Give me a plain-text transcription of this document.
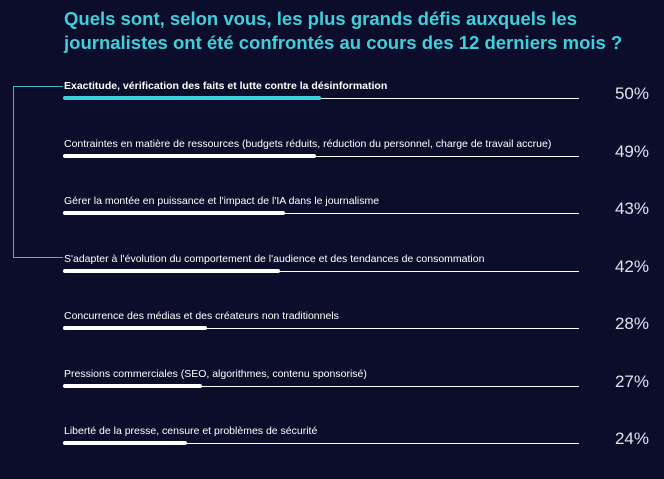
Quels sont, selon vous, les plus grands défis auxquels les journalistes ont été confrontés au cours des 12 derniers mois ?
Exactitude, vérification des faits et lutte contre la désinformation	50%
Contraintes en matière de ressources (budgets réduits, réduction du personnel, charge de travail accrue)	49%
Gérer la montée en puissance et l'impact de l'IA dans le journalisme	43%
S'adapter à l'évolution du comportement de l'audience et des tendances de consommation	42%
Concurrence des médias et des créateurs non traditionnels	28%
Pressions commerciales (SEO, algorithmes, contenu sponsorisé)	27%
Liberté de la presse, censure et problèmes de sécurité	24%
